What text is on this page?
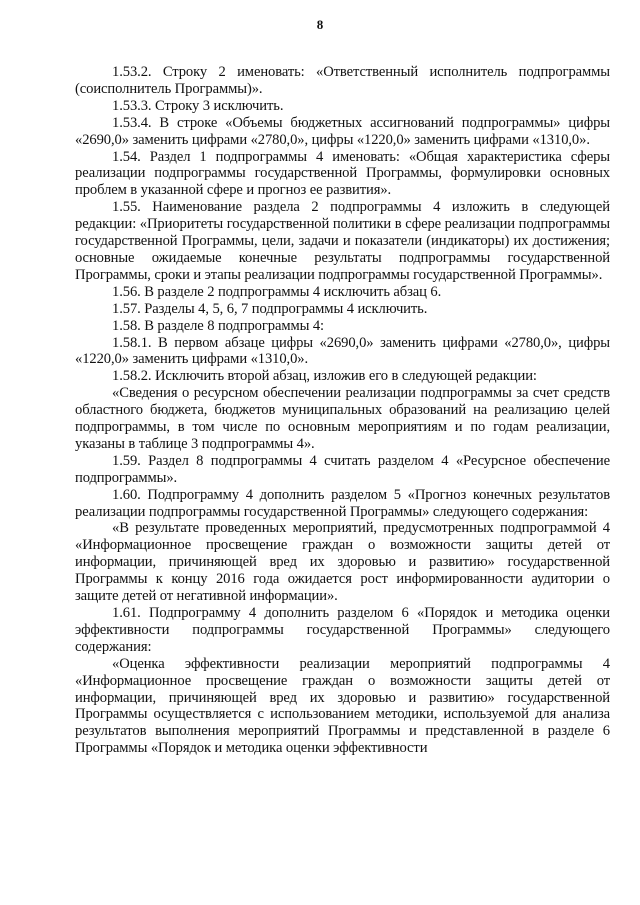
8

1.53.2. Строку 2 именовать: «Ответственный исполнитель подпрограммы (соисполнитель Программы)».

1.53.3. Строку 3 исключить.

1.53.4. В строке «Объемы бюджетных ассигнований подпрограммы» цифры «2690,0» заменить цифрами «2780,0», цифры «1220,0» заменить цифрами «1310,0».

1.54. Раздел 1 подпрограммы 4 именовать: «Общая характеристика сферы реализации подпрограммы государственной Программы, формулировки основных проблем в указанной сфере и прогноз ее развития».

1.55. Наименование раздела 2 подпрограммы 4 изложить в следующей редакции: «Приоритеты государственной политики в сфере реализации подпрограммы государственной Программы, цели, задачи и показатели (индикаторы) их достижения; основные ожидаемые конечные результаты подпрограммы государственной Программы, сроки и этапы реализации подпрограммы государственной Программы».

1.56. В разделе 2 подпрограммы 4 исключить абзац 6.

1.57. Разделы 4, 5, 6, 7 подпрограммы 4 исключить.

1.58. В разделе 8 подпрограммы 4:

1.58.1. В первом абзаце цифры «2690,0» заменить цифрами «2780,0», цифры «1220,0» заменить цифрами «1310,0».

1.58.2. Исключить второй абзац, изложив его в следующей редакции:

«Сведения о ресурсном обеспечении реализации подпрограммы за счет средств областного бюджета, бюджетов муниципальных образований на реализацию целей подпрограммы, в том числе по основным мероприятиям и по годам реализации, указаны в таблице 3 подпрограммы 4».

1.59. Раздел 8 подпрограммы 4 считать разделом 4 «Ресурсное обеспечение подпрограммы».

1.60. Подпрограмму 4 дополнить разделом 5 «Прогноз конечных результатов реализации подпрограммы государственной Программы» следующего содержания:

«В результате проведенных мероприятий, предусмотренных подпрограммой 4 «Информационное просвещение граждан о возможности защиты детей от информации, причиняющей вред их здоровью и развитию» государственной Программы к концу 2016 года ожидается рост информированности аудитории о защите детей от негативной информации».

1.61. Подпрограмму 4 дополнить разделом 6 «Порядок и методика оценки эффективности подпрограммы государственной Программы» следующего содержания:

«Оценка эффективности реализации мероприятий подпрограммы 4 «Информационное просвещение граждан о возможности защиты детей от информации, причиняющей вред их здоровью и развитию» государственной Программы осуществляется с использованием методики, используемой для анализа результатов выполнения мероприятий Программы и представленной в разделе 6 Программы «Порядок и методика оценки эффективности
